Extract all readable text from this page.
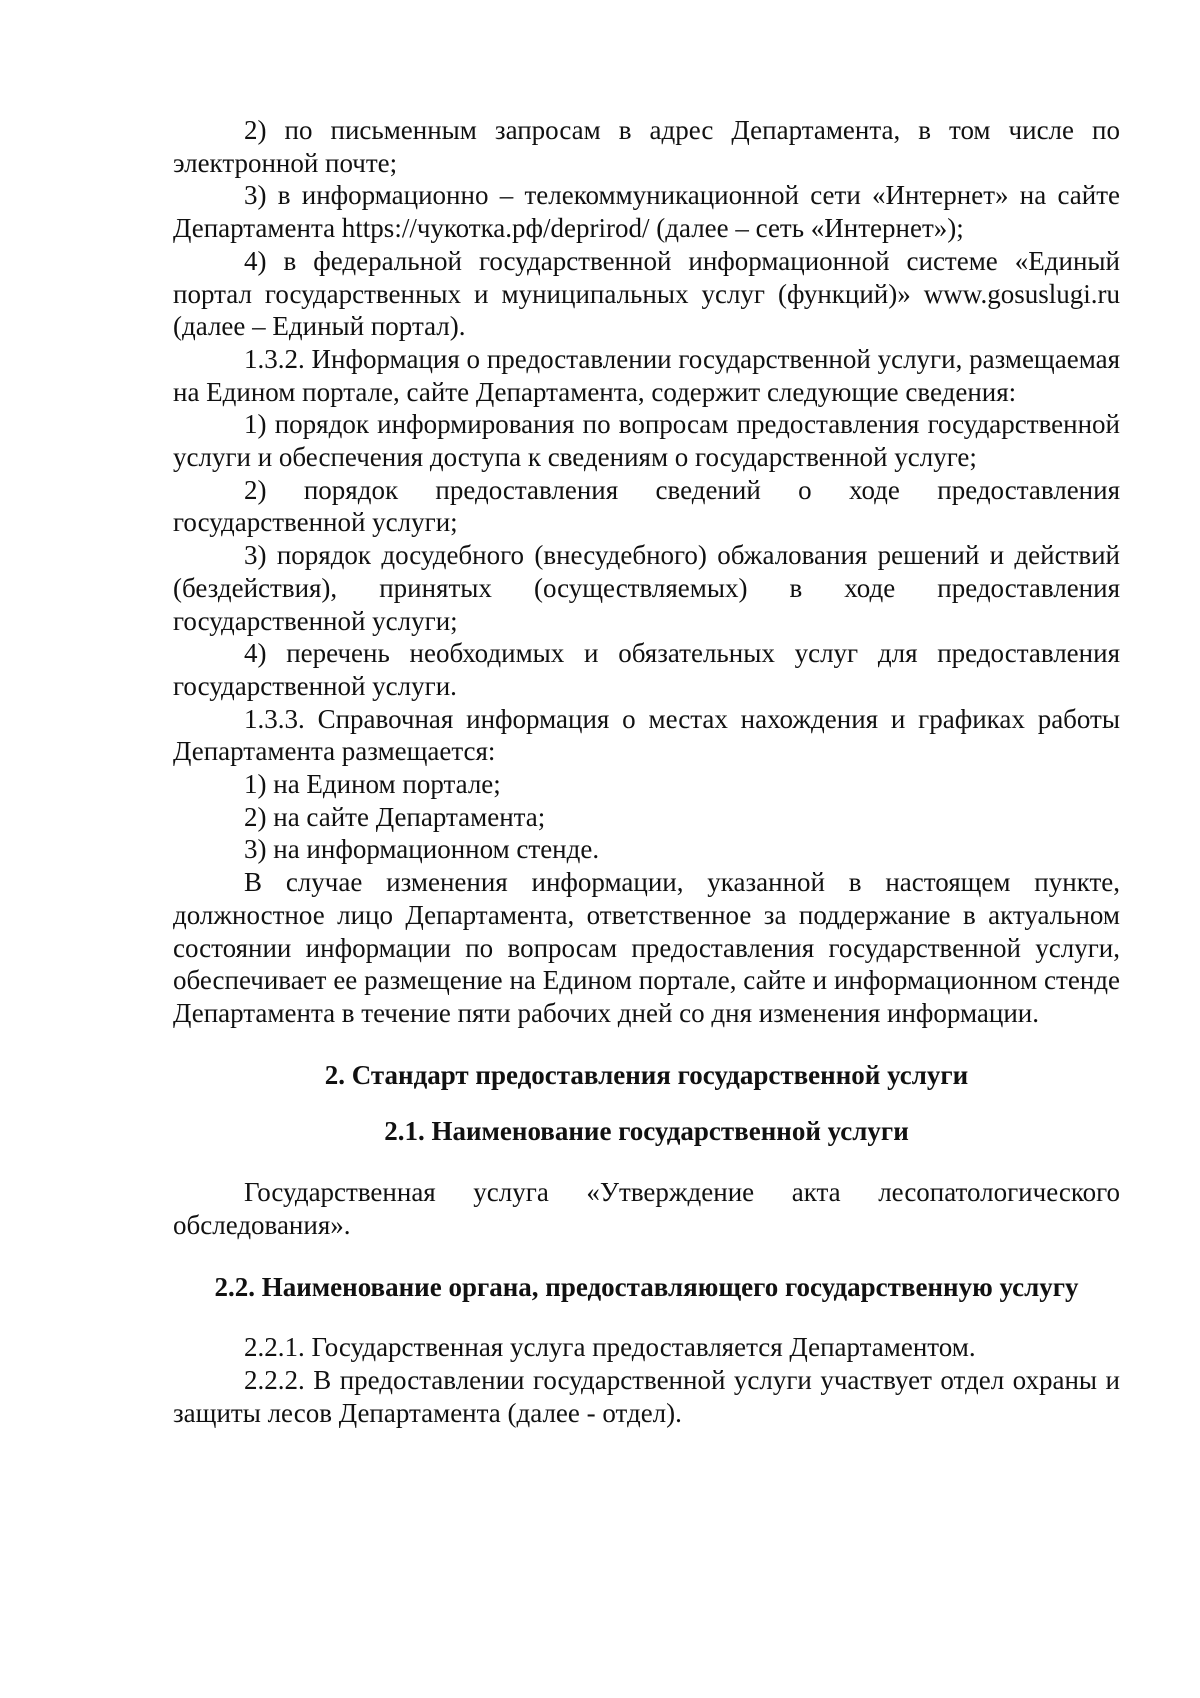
2) по письменным запросам в адрес Департамента, в том числе по электронной почте;

3) в информационно – телекоммуникационной сети «Интернет» на сайте Департамента https://чукотка.рф/deprirod/ (далее – сеть «Интернет»);

4) в федеральной государственной информационной системе «Единый портал государственных и муниципальных услуг (функций)» www.gosuslugi.ru (далее – Единый портал).

1.3.2. Информация о предоставлении государственной услуги, размещаемая на Едином портале, сайте Департамента, содержит следующие сведения:

1) порядок информирования по вопросам предоставления государственной услуги и обеспечения доступа к сведениям о государственной услуге;

2) порядок предоставления сведений о ходе предоставления государственной услуги;

3) порядок досудебного (внесудебного) обжалования решений и действий (бездействия), принятых (осуществляемых) в ходе предоставления государственной услуги;

4) перечень необходимых и обязательных услуг для предоставления государственной услуги.

1.3.3. Справочная информация о местах нахождения и графиках работы Департамента размещается:

1) на Едином портале;

2) на сайте Департамента;

3) на информационном стенде.

В случае изменения информации, указанной в настоящем пункте, должностное лицо Департамента, ответственное за поддержание в актуальном состоянии информации по вопросам предоставления государственной услуги, обеспечивает ее размещение на Едином портале, сайте и информационном стенде Департамента в течение пяти рабочих дней со дня изменения информации.

2. Стандарт предоставления государственной услуги

2.1. Наименование государственной услуги

Государственная услуга «Утверждение акта лесопатологического обследования».

2.2. Наименование органа, предоставляющего государственную услугу

2.2.1. Государственная услуга предоставляется Департаментом.

2.2.2. В предоставлении государственной услуги участвует отдел охраны и защиты лесов Департамента (далее - отдел).
